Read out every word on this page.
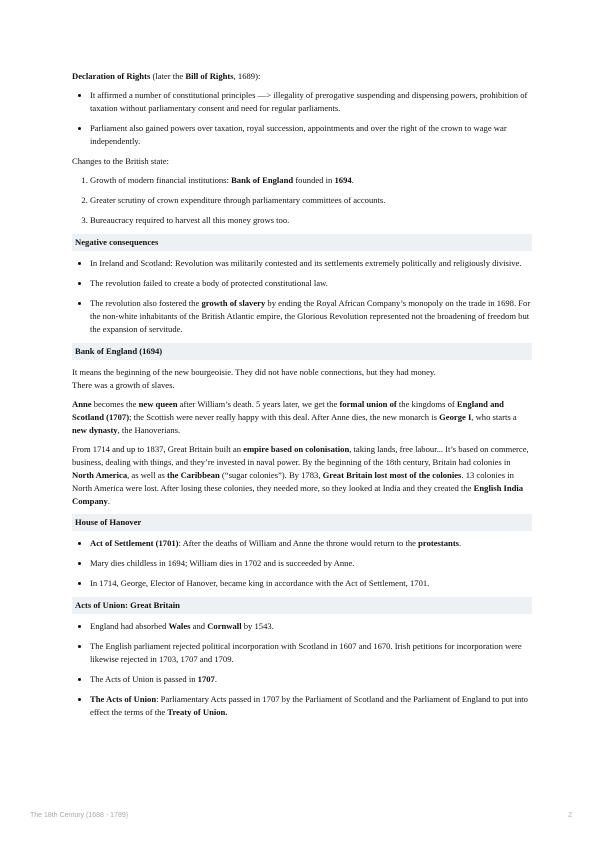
Declaration of Rights (later the Bill of Rights, 1689):

• It affirmed a number of constitutional principles —> illegality of prerogative suspending and dispensing powers, prohibition of taxation without parliamentary consent and need for regular parliaments.
• Parliament also gained powers over taxation, royal succession, appointments and over the right of the crown to wage war independently.

Changes to the British state:

1. Growth of modern financial institutions: Bank of England founded in 1694.
2. Greater scrutiny of crown expenditure through parliamentary committees of accounts.
3. Bureaucracy required to harvest all this money grows too.
Negative consequences
• In Ireland and Scotland: Revolution was militarily contested and its settlements extremely politically and religiously divisive.
• The revolution failed to create a body of protected constitutional law.
• The revolution also fostered the growth of slavery by ending the Royal African Company’s monopoly on the trade in 1698. For the non-white inhabitants of the British Atlantic empire, the Glorious Revolution represented not the broadening of freedom but the expansion of servitude.
Bank of England (1694)

It means the beginning of the new bourgeoisie. They did not have noble connections, but they had money.
There was a growth of slaves.

Anne becomes the new queen after William’s death. 5 years later, we get the formal union of the kingdoms of England and Scotland (1707); the Scottish were never really happy with this deal. After Anne dies, the new monarch is George I, who starts a new dynasty, the Hanoverians.

From 1714 and up to 1837, Great Britain built an empire based on colonisation, taking lands, free labour... It’s based on commerce, business, dealing with things, and they’re invested in naval power. By the beginning of the 18th century, Britain had colonies in North America, as well as the Caribbean (“sugar colonies”). By 1783, Great Britain lost most of the colonies. 13 colonies in North America were lost. After losing these colonies, they needed more, so they looked at India and they created the English India Company.

House of Hanover
• Act of Settlement (1701): After the deaths of William and Anne the throne would return to the protestants.
• Mary dies childless in 1694; William dies in 1702 and is succeeded by Anne.
• In 1714, George, Elector of Hanover, became king in accordance with the Act of Settlement, 1701.
Acts of Union: Great Britain
• England had absorbed Wales and Cornwall by 1543.
• The English parliament rejected political incorporation with Scotland in 1607 and 1670. Irish petitions for incorporation were likewise rejected in 1703, 1707 and 1709.
• The Acts of Union is passed in 1707.
• The Acts of Union: Parliamentary Acts passed in 1707 by the Parliament of Scotland and the Parliament of England to put into effect the terms of the Treaty of Union.
The 18th Century (1688 - 1789)	2
